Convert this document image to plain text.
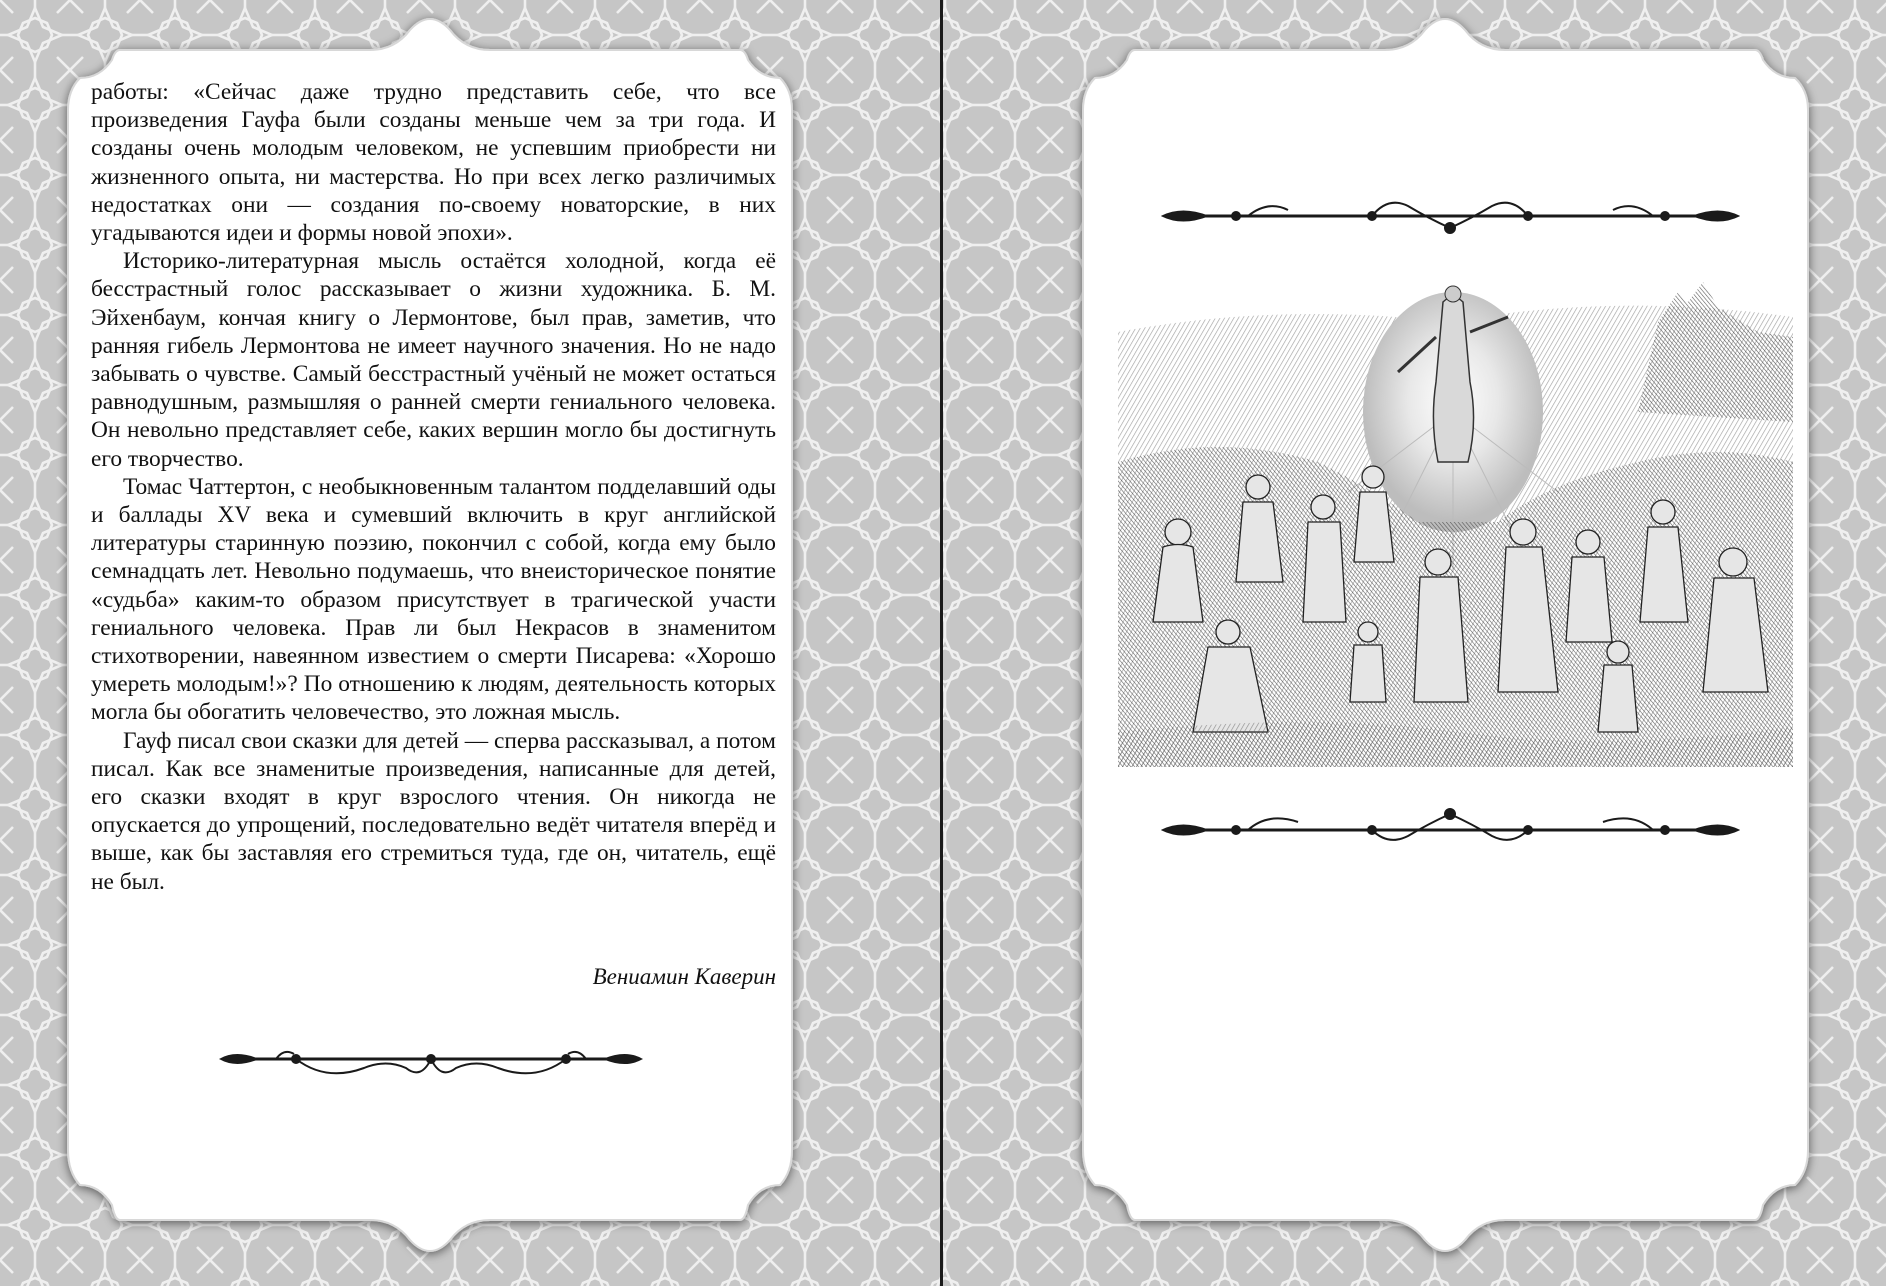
работы: «Сейчас даже трудно представить себе, что все произведения Гауфа были созданы меньше чем за три года. И созданы очень молодым человеком, не успевшим приобрести ни жизненного опыта, ни мастерства. Но при всех легко различимых недостатках они — создания по-своему новаторские, в них угадываются идеи и формы новой эпохи».

Историко-литературная мысль остаётся холодной, когда её бесстрастный голос рассказывает о жизни художника. Б. М. Эйхенбаум, кончая книгу о Лермонтове, был прав, заметив, что ранняя гибель Лермонтова не имеет научного значения. Но не надо забывать о чувстве. Самый бесстрастный учёный не может остаться равнодушным, размышляя о ранней смерти гениального человека. Он невольно представляет себе, каких вершин могло бы достигнуть его творчество.

Томас Чаттертон, с необыкновенным талантом подделавший оды и баллады XV века и сумевший включить в круг английской литературы старинную поэзию, покончил с собой, когда ему было семнадцать лет. Невольно подумаешь, что внеисторическое понятие «судьба» каким-то образом присутствует в трагической участи гениального человека. Прав ли был Некрасов в знаменитом стихотворении, навеянном известием о смерти Писарева: «Хорошо умереть молодым!»? По отношению к людям, деятельность которых могла бы обогатить человечество, это ложная мысль.

Гауф писал свои сказки для детей — сперва рассказывал, а потом писал. Как все знаменитые произведения, написанные для детей, его сказки входят в круг взрослого чтения. Он никогда не опускается до упрощений, последовательно ведёт читателя вперёд и выше, как бы заставляя его стремиться туда, где он, читатель, ещё не был.

Вениамин Каверин
